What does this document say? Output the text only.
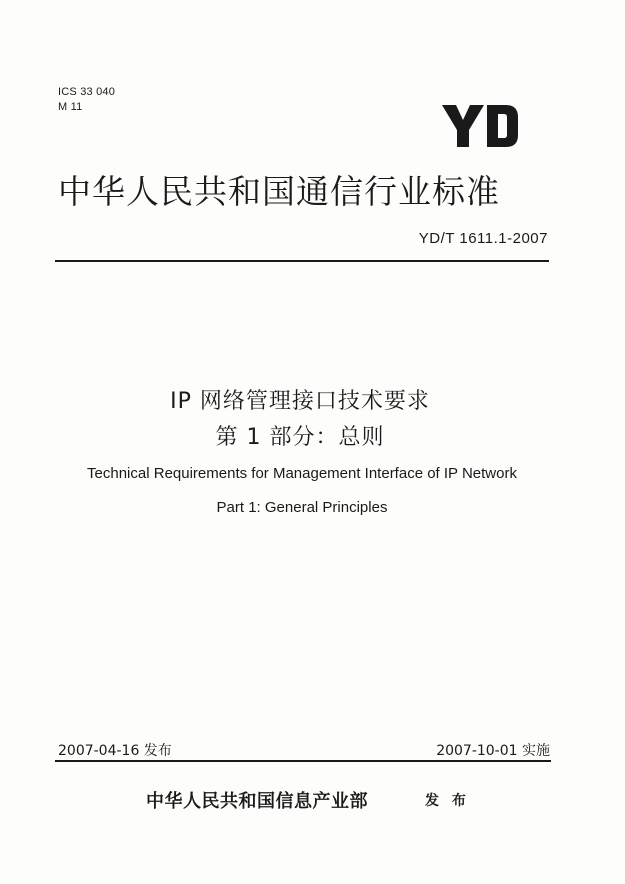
ICS 33 040
M 11
中华人民共和国通信行业标准
YD/T 1611.1-2007
IP 网络管理接口技术要求
第 1 部分：总则
Technical Requirements for Management Interface of IP Network
Part 1: General Principles
2007-04-16 发布	2007-10-01 实施
中华人民共和国信息产业部	发 布
